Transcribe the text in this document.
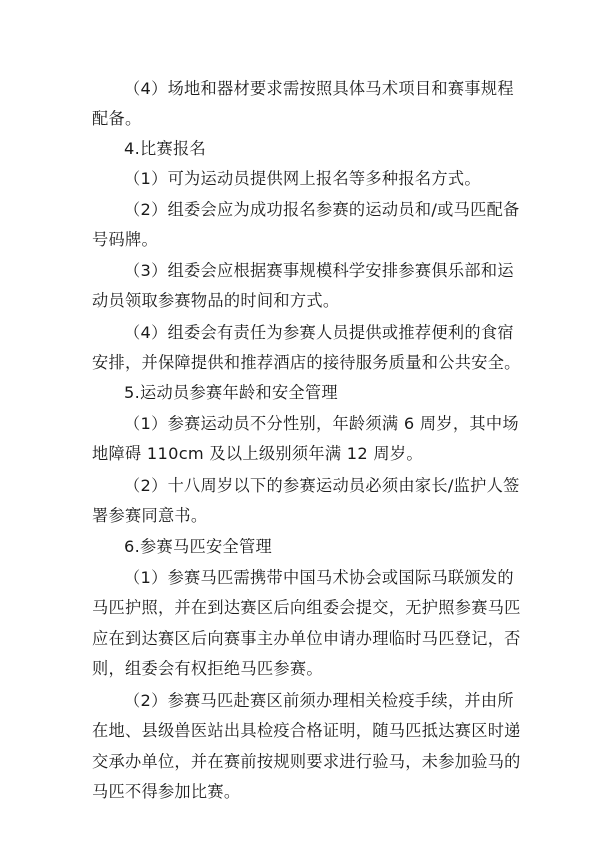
（4）场地和器材要求需按照具体马术项目和赛事规程
配备。
4.比赛报名
（1）可为运动员提供网上报名等多种报名方式。
（2）组委会应为成功报名参赛的运动员和/或马匹配备
号码牌。
（3）组委会应根据赛事规模科学安排参赛俱乐部和运
动员领取参赛物品的时间和方式。
（4）组委会有责任为参赛人员提供或推荐便利的食宿
安排，并保障提供和推荐酒店的接待服务质量和公共安全。
5.运动员参赛年龄和安全管理
（1）参赛运动员不分性别，年龄须满 6 周岁，其中场
地障碍 110cm 及以上级别须年满 12 周岁。
（2）十八周岁以下的参赛运动员必须由家长/监护人签
署参赛同意书。
6.参赛马匹安全管理
（1）参赛马匹需携带中国马术协会或国际马联颁发的
马匹护照，并在到达赛区后向组委会提交，无护照参赛马匹
应在到达赛区后向赛事主办单位申请办理临时马匹登记，否
则，组委会有权拒绝马匹参赛。
（2）参赛马匹赴赛区前须办理相关检疫手续，并由所
在地、县级兽医站出具检疫合格证明，随马匹抵达赛区时递
交承办单位，并在赛前按规则要求进行验马，未参加验马的
马匹不得参加比赛。
